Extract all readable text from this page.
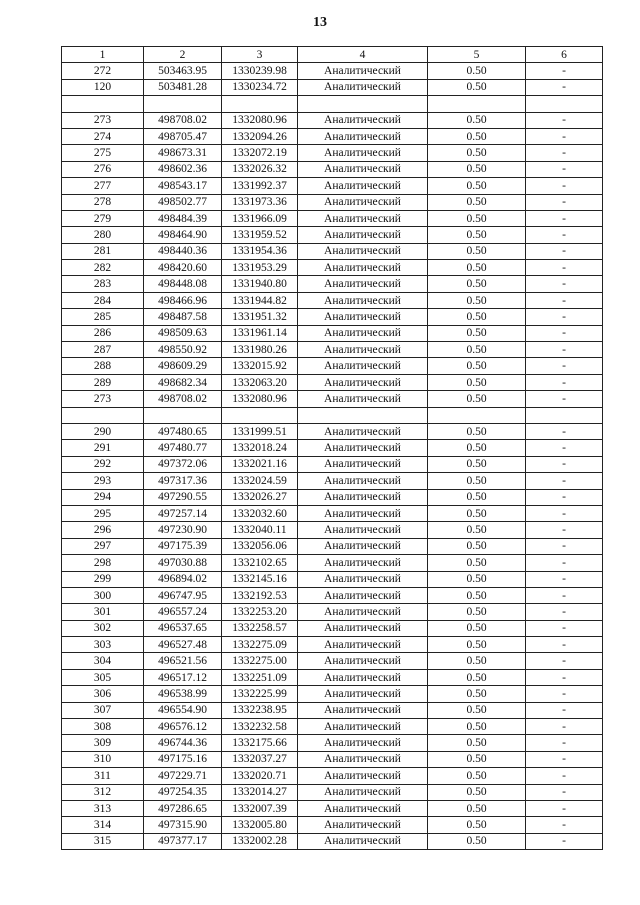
13
1	2	3	4	5	6
272	503463.95	1330239.98	Аналитический	0.50	-
120	503481.28	1330234.72	Аналитический	0.50	-

273	498708.02	1332080.96	Аналитический	0.50	-
274	498705.47	1332094.26	Аналитический	0.50	-
275	498673.31	1332072.19	Аналитический	0.50	-
276	498602.36	1332026.32	Аналитический	0.50	-
277	498543.17	1331992.37	Аналитический	0.50	-
278	498502.77	1331973.36	Аналитический	0.50	-
279	498484.39	1331966.09	Аналитический	0.50	-
280	498464.90	1331959.52	Аналитический	0.50	-
281	498440.36	1331954.36	Аналитический	0.50	-
282	498420.60	1331953.29	Аналитический	0.50	-
283	498448.08	1331940.80	Аналитический	0.50	-
284	498466.96	1331944.82	Аналитический	0.50	-
285	498487.58	1331951.32	Аналитический	0.50	-
286	498509.63	1331961.14	Аналитический	0.50	-
287	498550.92	1331980.26	Аналитический	0.50	-
288	498609.29	1332015.92	Аналитический	0.50	-
289	498682.34	1332063.20	Аналитический	0.50	-
273	498708.02	1332080.96	Аналитический	0.50	-

290	497480.65	1331999.51	Аналитический	0.50	-
291	497480.77	1332018.24	Аналитический	0.50	-
292	497372.06	1332021.16	Аналитический	0.50	-
293	497317.36	1332024.59	Аналитический	0.50	-
294	497290.55	1332026.27	Аналитический	0.50	-
295	497257.14	1332032.60	Аналитический	0.50	-
296	497230.90	1332040.11	Аналитический	0.50	-
297	497175.39	1332056.06	Аналитический	0.50	-
298	497030.88	1332102.65	Аналитический	0.50	-
299	496894.02	1332145.16	Аналитический	0.50	-
300	496747.95	1332192.53	Аналитический	0.50	-
301	496557.24	1332253.20	Аналитический	0.50	-
302	496537.65	1332258.57	Аналитический	0.50	-
303	496527.48	1332275.09	Аналитический	0.50	-
304	496521.56	1332275.00	Аналитический	0.50	-
305	496517.12	1332251.09	Аналитический	0.50	-
306	496538.99	1332225.99	Аналитический	0.50	-
307	496554.90	1332238.95	Аналитический	0.50	-
308	496576.12	1332232.58	Аналитический	0.50	-
309	496744.36	1332175.66	Аналитический	0.50	-
310	497175.16	1332037.27	Аналитический	0.50	-
311	497229.71	1332020.71	Аналитический	0.50	-
312	497254.35	1332014.27	Аналитический	0.50	-
313	497286.65	1332007.39	Аналитический	0.50	-
314	497315.90	1332005.80	Аналитический	0.50	-
315	497377.17	1332002.28	Аналитический	0.50	-
